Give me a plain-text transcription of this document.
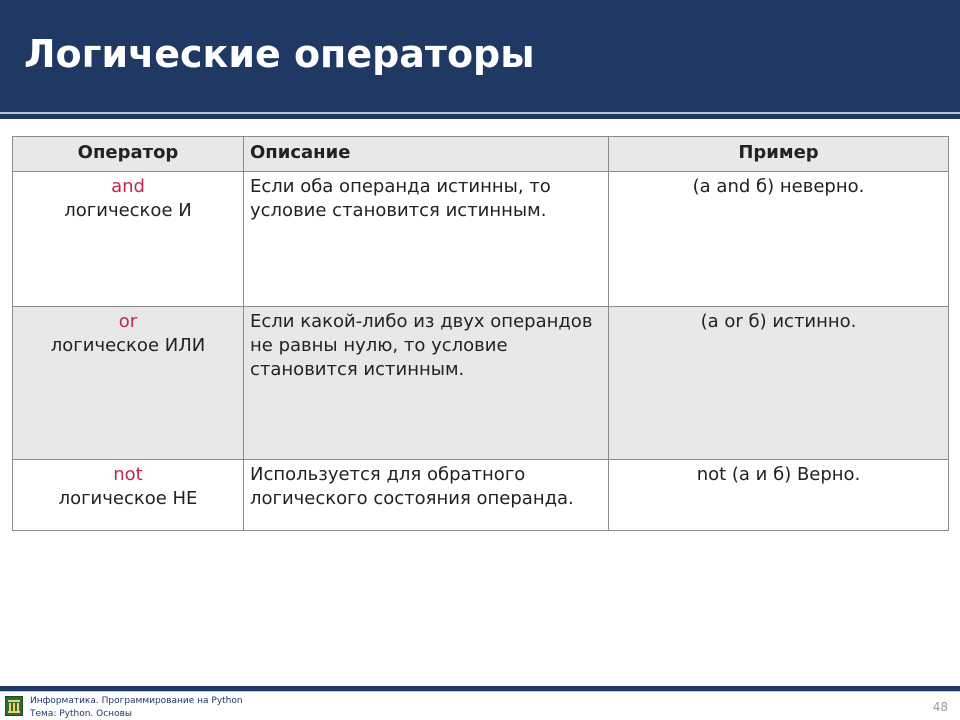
Логические операторы
Оператор	Описание	Пример

and
логическое И	Если оба операнда истинны, то условие становится истинным.	(a and б) неверно.

or
логическое ИЛИ	Если какой-либо из двух операндов не равны нулю, то условие становится истинным.	(a or б) истинно.

not
логическое НЕ	Используется для обратного логического состояния операнда.	not (а и б) Верно.
Информатика. Программирование на Python
Тема: Python. Основы	48
